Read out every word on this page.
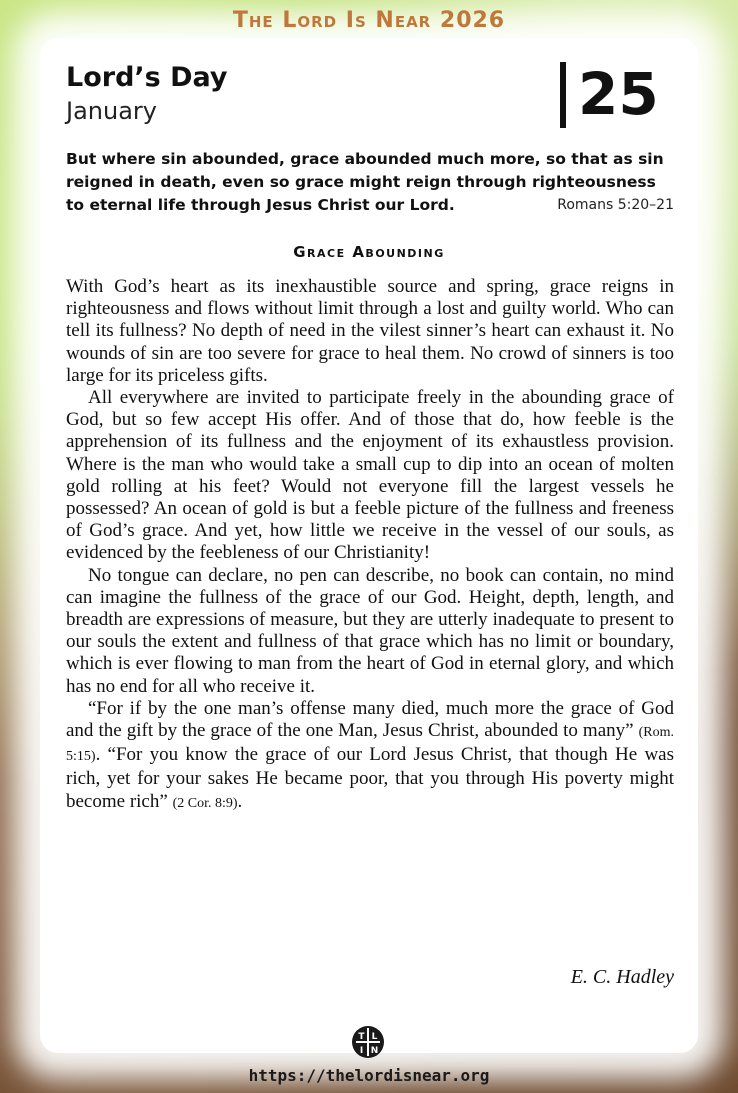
The Lord Is Near 2026
Lord’s Day
January	25
But where sin abounded, grace abounded much more, so that as sin reigned in death, even so grace might reign through righteousness to eternal life through Jesus Christ our Lord.	Romans 5:20–21
Grace Abounding

With God’s heart as its inexhaustible source and spring, grace reigns in righteousness and flows without limit through a lost and guilty world. Who can tell its fullness? No depth of need in the vilest sinner’s heart can exhaust it. No wounds of sin are too severe for grace to heal them. No crowd of sinners is too large for its priceless gifts.

All everywhere are invited to participate freely in the abounding grace of God, but so few accept His offer. And of those that do, how feeble is the apprehension of its fullness and the enjoyment of its exhaustless provision. Where is the man who would take a small cup to dip into an ocean of molten gold rolling at his feet? Would not everyone fill the largest vessels he possessed? An ocean of gold is but a feeble picture of the fullness and freeness of God’s grace. And yet, how little we receive in the vessel of our souls, as evidenced by the feebleness of our Christianity!

No tongue can declare, no pen can describe, no book can contain, no mind can imagine the fullness of the grace of our God. Height, depth, length, and breadth are expressions of measure, but they are utterly inadequate to present to our souls the extent and fullness of that grace which has no limit or boundary, which is ever flowing to man from the heart of God in eternal glory, and which has no end for all who receive it.

“For if by the one man’s offense many died, much more the grace of God and the gift by the grace of the one Man, Jesus Christ, abounded to many” (Rom. 5:15). “For you know the grace of our Lord Jesus Christ, that though He was rich, yet for your sakes He became poor, that you through His poverty might become rich” (2 Cor. 8:9).

E. C. Hadley
T L
I N
https://thelordisnear.org
